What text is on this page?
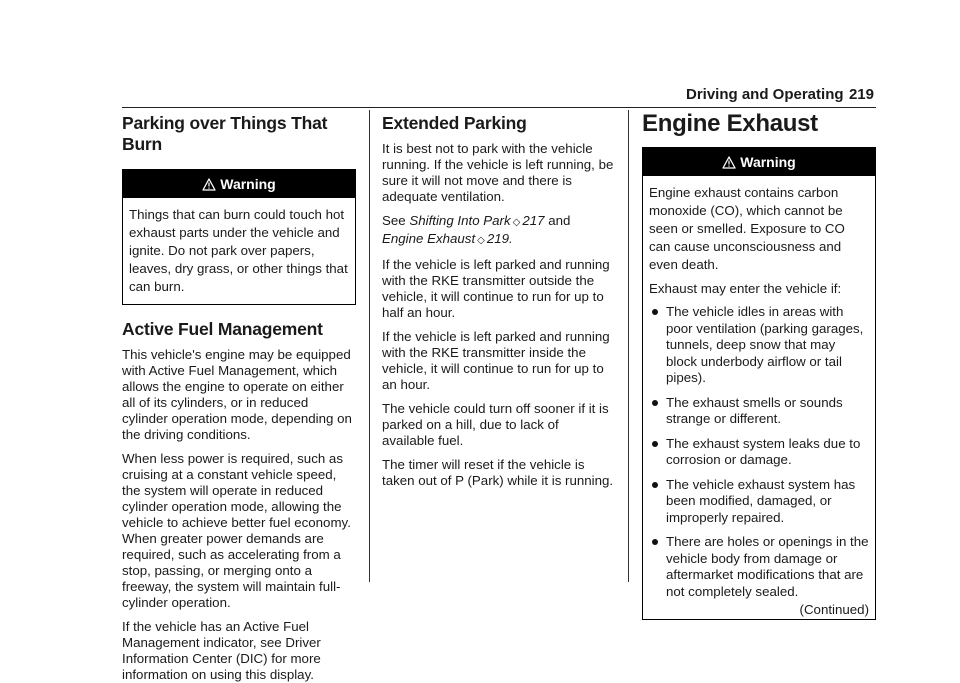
Driving and Operating 219
Parking over Things That Burn
Warning

Things that can burn could touch hot exhaust parts under the vehicle and ignite. Do not park over papers, leaves, dry grass, or other things that can burn.

Active Fuel Management

This vehicle's engine may be equipped with Active Fuel Management, which allows the engine to operate on either all of its cylinders, or in reduced cylinder operation mode, depending on the driving conditions.

When less power is required, such as cruising at a constant vehicle speed, the system will operate in reduced cylinder operation mode, allowing the vehicle to achieve better fuel economy. When greater power demands are required, such as accelerating from a stop, passing, or merging onto a freeway, the system will maintain full-cylinder operation.

If the vehicle has an Active Fuel Management indicator, see Driver Information Center (DIC) for more information on using this display.

Extended Parking

It is best not to park with the vehicle running. If the vehicle is left running, be sure it will not move and there is adequate ventilation.

See Shifting Into Park ◇ 217 and
Engine Exhaust ◇ 219.

If the vehicle is left parked and running with the RKE transmitter outside the vehicle, it will continue to run for up to half an hour.

If the vehicle is left parked and running with the RKE transmitter inside the vehicle, it will continue to run for up to an hour.

The vehicle could turn off sooner if it is parked on a hill, due to lack of available fuel.

The timer will reset if the vehicle is taken out of P (Park) while it is running.

Engine Exhaust
Warning

Engine exhaust contains carbon monoxide (CO), which cannot be seen or smelled. Exposure to CO can cause unconsciousness and even death.

Exhaust may enter the vehicle if:

The vehicle idles in areas with poor ventilation (parking garages, tunnels, deep snow that may block underbody airflow or tail pipes).
The exhaust smells or sounds strange or different.
The exhaust system leaks due to corrosion or damage.
The vehicle exhaust system has been modified, damaged, or improperly repaired.
There are holes or openings in the vehicle body from damage or aftermarket modifications that are not completely sealed.
(Continued)
